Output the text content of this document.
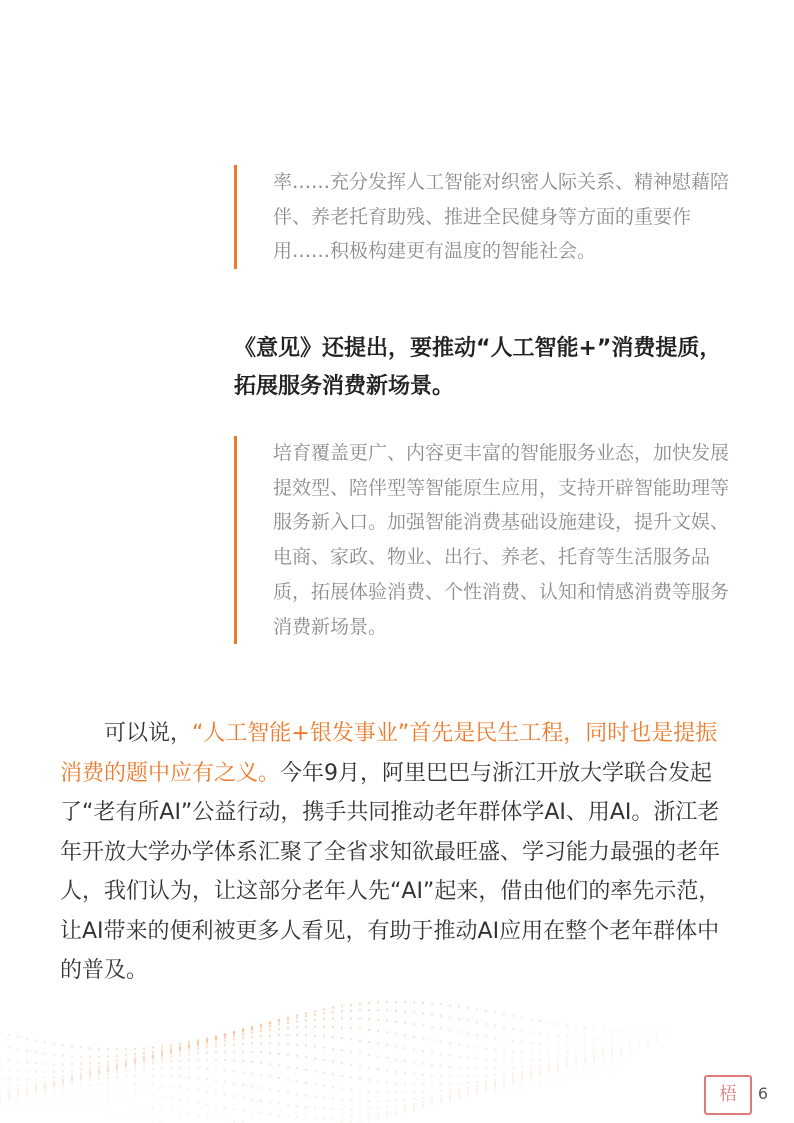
率……充分发挥人工智能对织密人际关系、精神慰藉陪伴、养老托育助残、推进全民健身等方面的重要作用……积极构建更有温度的智能社会。

《意见》还提出，要推动“人工智能+”消费提质，拓展服务消费新场景。

培育覆盖更广、内容更丰富的智能服务业态，加快发展提效型、陪伴型等智能原生应用，支持开辟智能助理等服务新入口。加强智能消费基础设施建设，提升文娱、电商、家政、物业、出行、养老、托育等生活服务品质，拓展体验消费、个性消费、认知和情感消费等服务消费新场景。

可以说，“人工智能+银发事业”首先是民生工程，同时也是提振消费的题中应有之义。今年9月，阿里巴巴与浙江开放大学联合发起了“老有所AI”公益行动，携手共同推动老年群体学AI、用AI。浙江老年开放大学办学体系汇聚了全省求知欲最旺盛、学习能力最强的老年人，我们认为，让这部分老年人先“AI”起来，借由他们的率先示范，让AI带来的便利被更多人看见，有助于推动AI应用在整个老年群体中的普及。

梧	6
